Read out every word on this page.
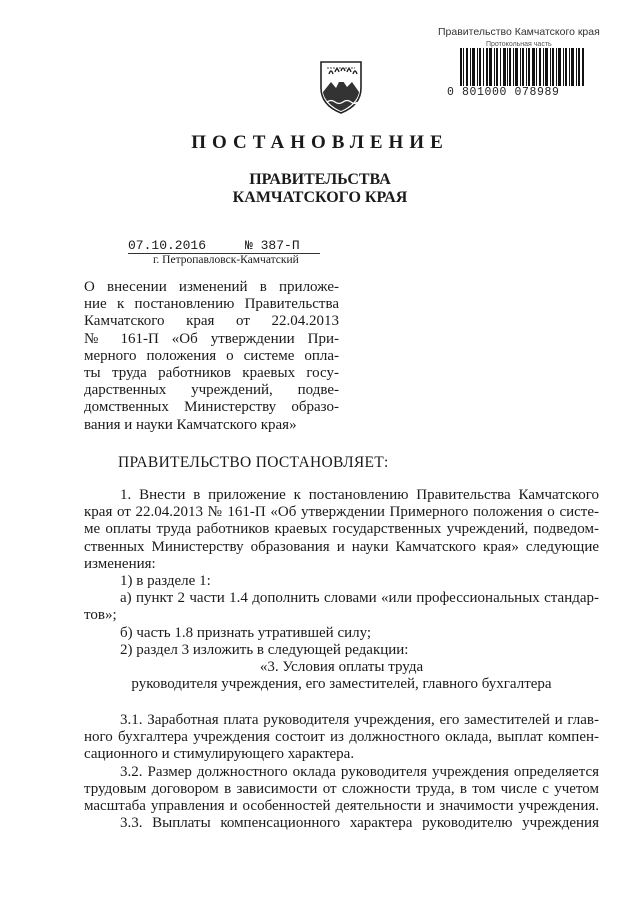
Правительство Камчатского края
Протокольная часть
0 801000 078989
ПОСТАНОВЛЕНИЕ
ПРАВИТЕЛЬСТВА
КАМЧАТСКОГО КРАЯ
07.10.2016     № 387-П
г. Петропавловск-Камчатский
О внесении изменений в приложе-
ние к постановлению Правительства
Камчатского края от 22.04.2013
№ 161-П «Об утверждении При-
мерного положения о системе опла-
ты труда работников краевых госу-
дарственных учреждений, подве-
домственных Министерству образо-
вания и науки Камчатского края»
ПРАВИТЕЛЬСТВО ПОСТАНОВЛЯЕТ:
1. Внести в приложение к постановлению Правительства Камчатского
края от 22.04.2013 № 161-П «Об утверждении Примерного положения о систе-
ме оплаты труда работников краевых государственных учреждений, подведом-
ственных Министерству образования и науки Камчатского края» следующие
изменения:
1) в разделе 1:
а) пункт 2 части 1.4 дополнить словами «или профессиональных стандар-
тов»;
б) часть 1.8 признать утратившей силу;
2) раздел 3 изложить в следующей редакции:
«3. Условия оплаты труда
руководителя учреждения, его заместителей, главного бухгалтера
3.1. Заработная плата руководителя учреждения, его заместителей и глав-
ного бухгалтера учреждения состоит из должностного оклада, выплат компен-
сационного и стимулирующего характера.
3.2. Размер должностного оклада руководителя учреждения определяется
трудовым договором в зависимости от сложности труда, в том числе с учетом
масштаба управления и особенностей деятельности и значимости учреждения.
3.3. Выплаты компенсационного характера руководителю учреждения
